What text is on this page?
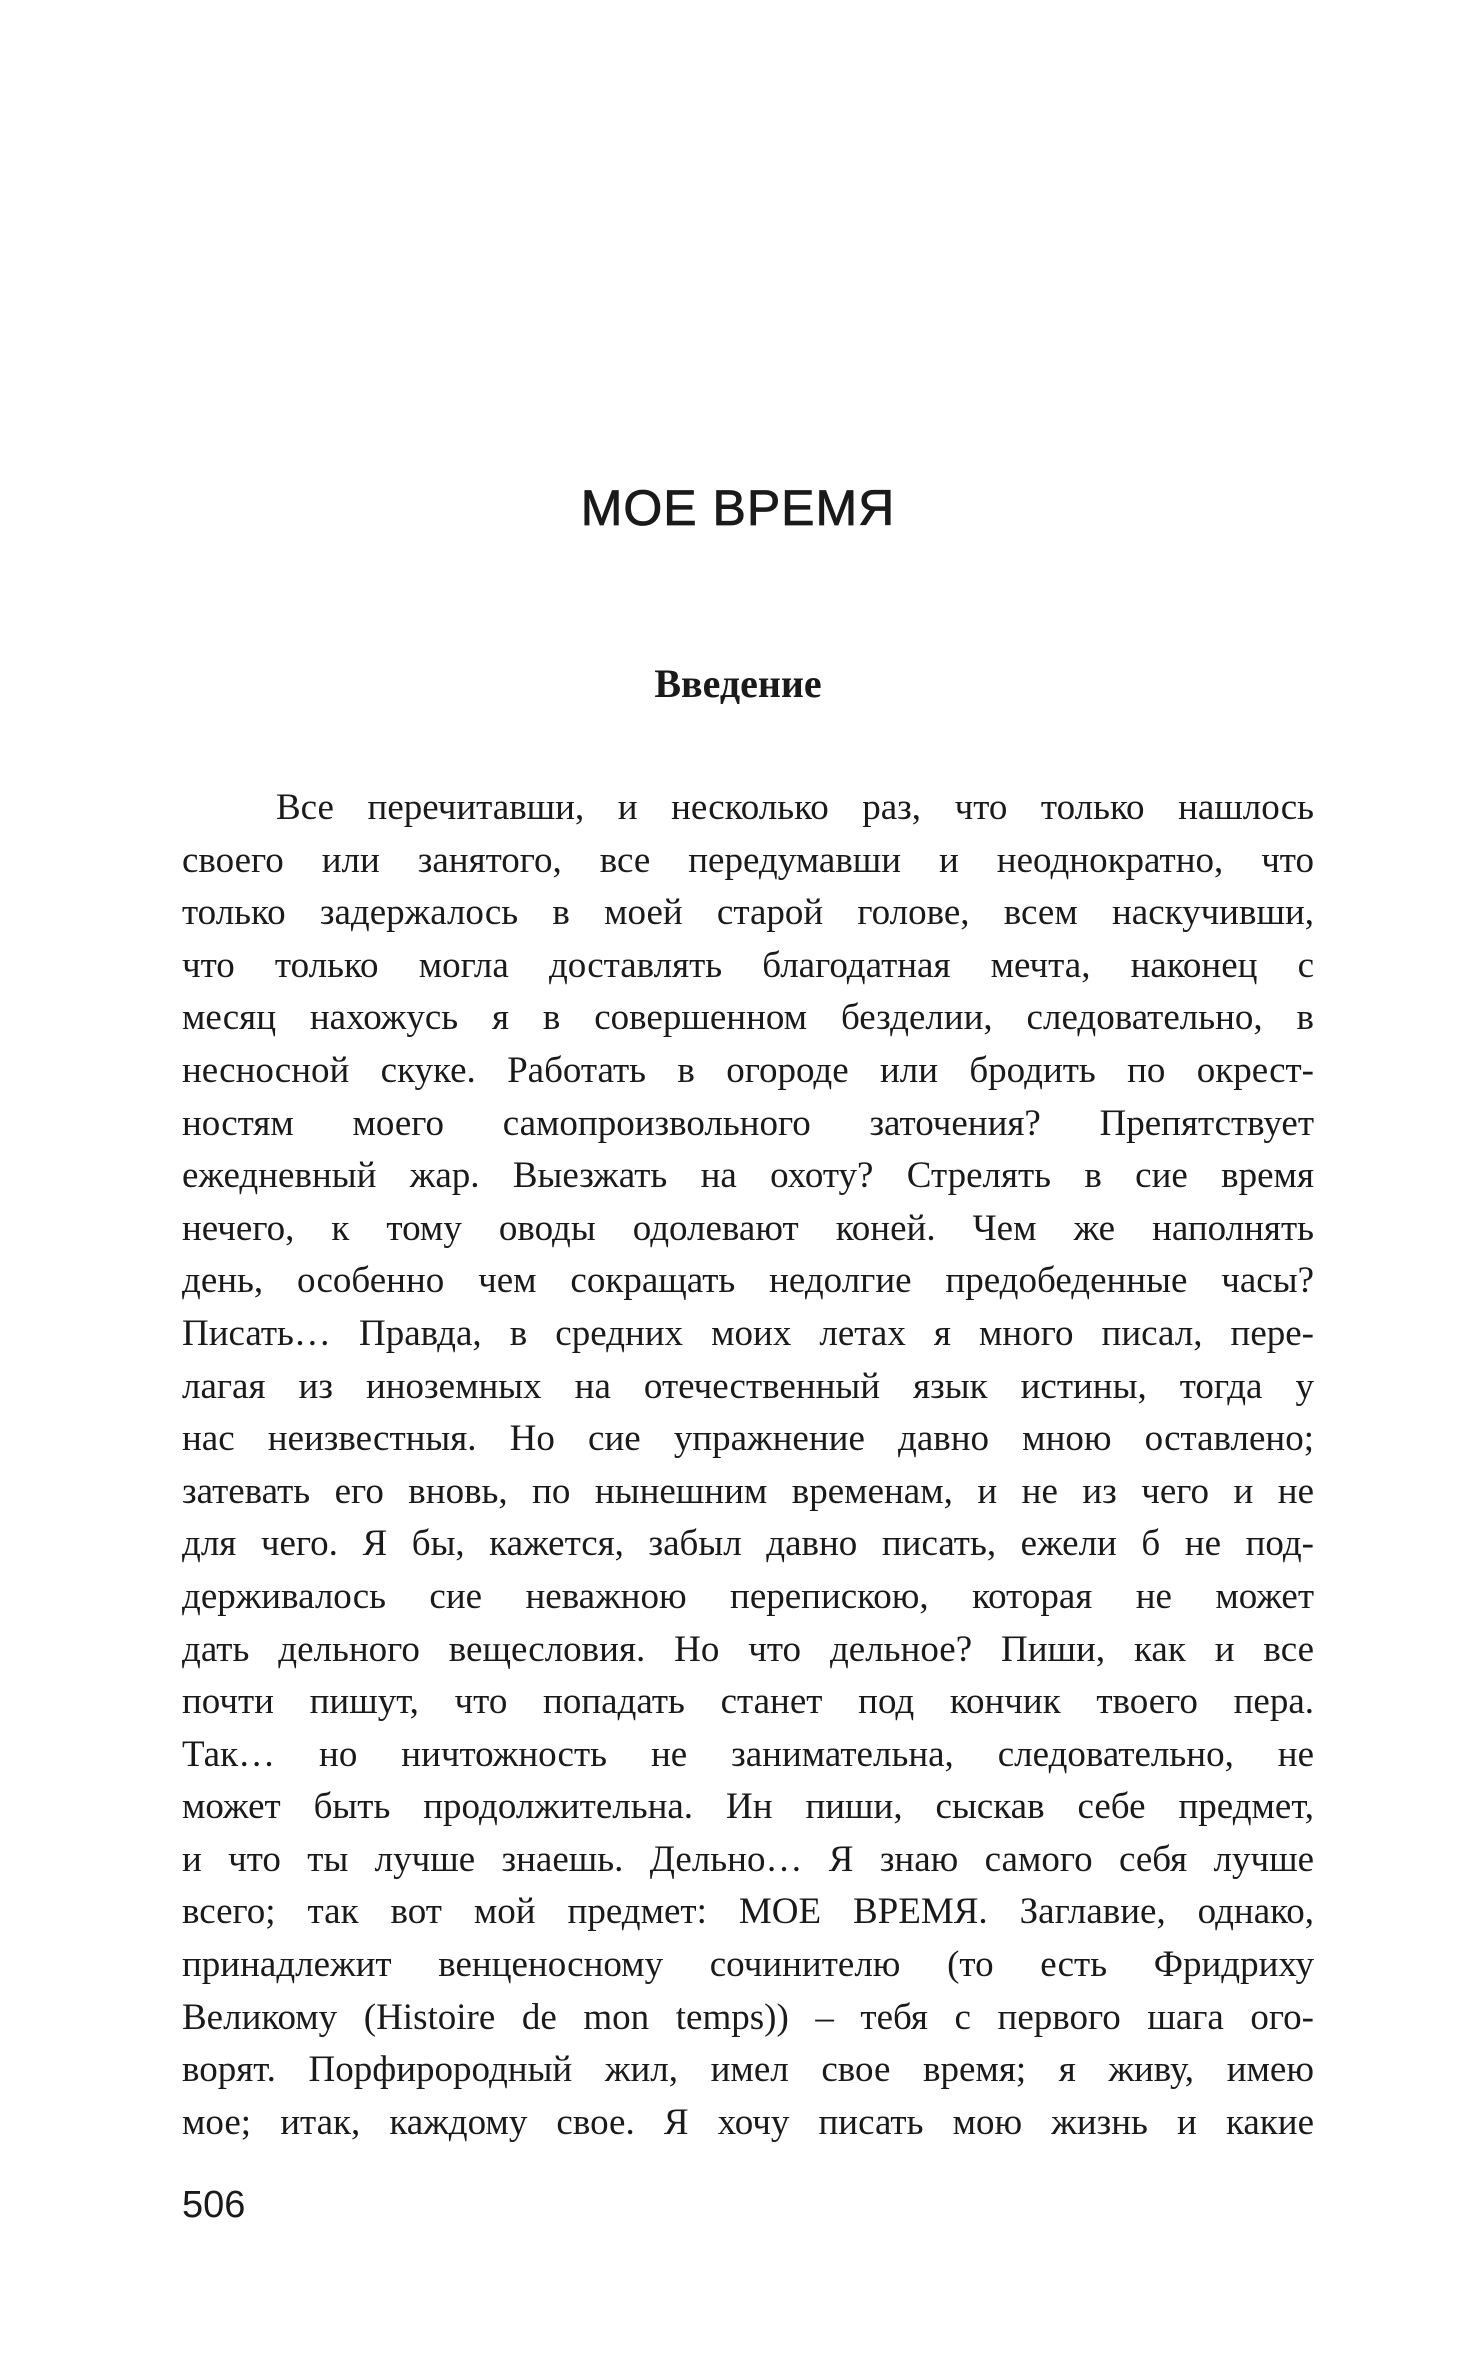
МОЕ ВРЕМЯ
Введение
Все перечитавши, и несколько раз, что только нашлось
своего или занятого, все передумавши и неоднократно, что
только задержалось в моей старой голове, всем наскучивши,
что только могла доставлять благодатная мечта, наконец с
месяц нахожусь я в совершенном безделии, следовательно, в
несносной скуке. Работать в огороде или бродить по окрест-
ностям моего самопроизвольного заточения? Препятствует
ежедневный жар. Выезжать на охоту? Стрелять в сие время
нечего, к тому оводы одолевают коней. Чем же наполнять
день, особенно чем сокращать недолгие предобеденные часы?
Писать… Правда, в средних моих летах я много писал, пере-
лагая из иноземных на отечественный язык истины, тогда у
нас неизвестныя. Но сие упражнение давно мною оставлено;
затевать его вновь, по нынешним временам, и не из чего и не
для чего. Я бы, кажется, забыл давно писать, ежели б не под-
держивалось сие неважною перепискою, которая не может
дать дельного вещесловия. Но что дельное? Пиши, как и все
почти пишут, что попадать станет под кончик твоего пера.
Так… но ничтожность не занимательна, следовательно, не
может быть продолжительна. Ин пиши, сыскав себе предмет,
и что ты лучше знаешь. Дельно… Я знаю самого себя лучше
всего; так вот мой предмет: МОЕ ВРЕМЯ. Заглавие, однако,
принадлежит венценосному сочинителю (то есть Фридриху
Великому (Histoire de mon temps)) – тебя с первого шага ого-
ворят. Порфирородный жил, имел свое время; я живу, имею
мое; итак, каждому свое. Я хочу писать мою жизнь и какие
506
